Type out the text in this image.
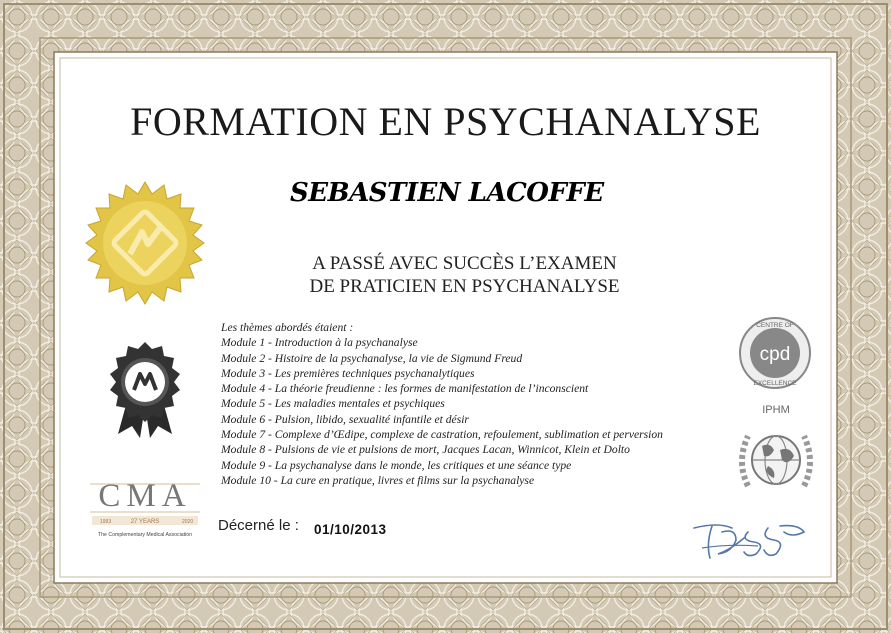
FORMATION EN PSYCHANALYSE

SEBASTIEN LACOFFE

A PASSÉ AVEC SUCCÈS L’EXAMEN
DE PRATICIEN EN PSYCHANALYSE
Les thèmes abordés étaient :
Module 1 - Introduction à la psychanalyse
Module 2 - Histoire de la psychanalyse, la vie de Sigmund Freud
Module 3 - Les premières techniques psychanalytiques
Module 4 - La théorie freudienne : les formes de manifestation de l’inconscient
Module 5 - Les maladies mentales et psychiques
Module 6 - Pulsion, libido, sexualité infantile et désir
Module 7 - Complexe d’Œdipe, complexe de castration, refoulement, sublimation et perversion
Module 8 - Pulsions de vie et pulsions de mort, Jacques Lacan, Winnicot, Klein et Dolto
Module 9 - La psychanalyse dans le monde, les critiques et une séance type
Module 10 - La cure en pratique, livres et films sur la psychanalyse
cpd
CENTRE OF
EXCELLENCE
IPHM
CMA
27 YEARS
1993	2020
The Complementary Medical Association
Décerné le : 01/10/2013
